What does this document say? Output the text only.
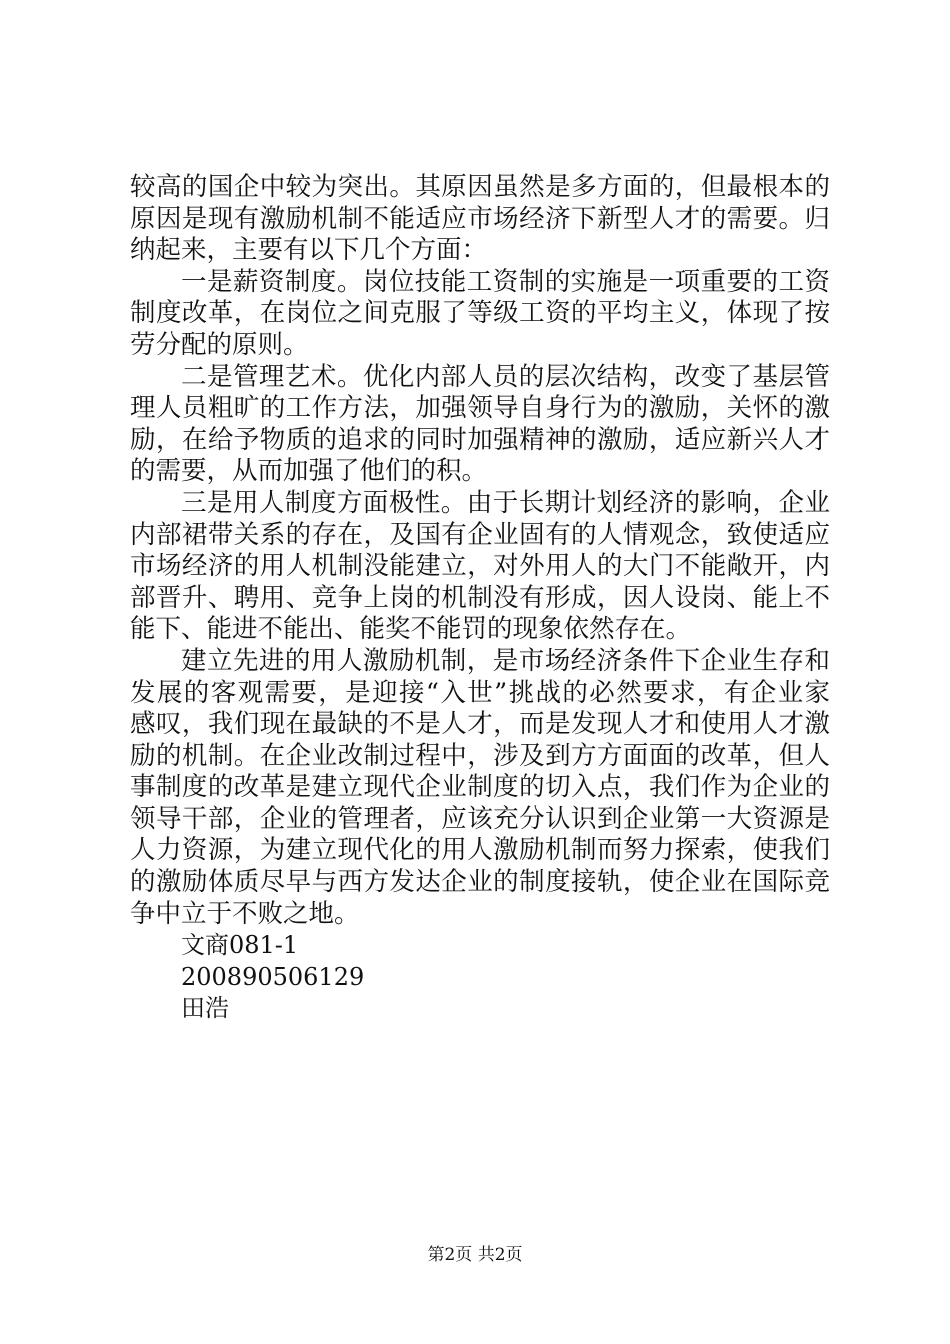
较高的国企中较为突出。其原因虽然是多方面的，但最根本的
原因是现有激励机制不能适应市场经济下新型人才的需要。归
纳起来，主要有以下几个方面：
一是薪资制度。岗位技能工资制的实施是一项重要的工资
制度改革，在岗位之间克服了等级工资的平均主义，体现了按
劳分配的原则。
二是管理艺术。优化内部人员的层次结构，改变了基层管
理人员粗旷的工作方法，加强领导自身行为的激励，关怀的激
励，在给予物质的追求的同时加强精神的激励，适应新兴人才
的需要，从而加强了他们的积。
三是用人制度方面极性。由于长期计划经济的影响，企业
内部裙带关系的存在，及国有企业固有的人情观念，致使适应
市场经济的用人机制没能建立，对外用人的大门不能敞开，内
部晋升、聘用、竞争上岗的机制没有形成，因人设岗、能上不
能下、能进不能出、能奖不能罚的现象依然存在。
建立先进的用人激励机制，是市场经济条件下企业生存和
发展的客观需要，是迎接“入世”挑战的必然要求，有企业家
感叹，我们现在最缺的不是人才，而是发现人才和使用人才激
励的机制。在企业改制过程中，涉及到方方面面的改革，但人
事制度的改革是建立现代企业制度的切入点，我们作为企业的
领导干部，企业的管理者，应该充分认识到企业第一大资源是
人力资源，为建立现代化的用人激励机制而努力探索，使我们
的激励体质尽早与西方发达企业的制度接轨，使企业在国际竞
争中立于不败之地。
文商081-1
200890506129
田浩
第2页 共2页
